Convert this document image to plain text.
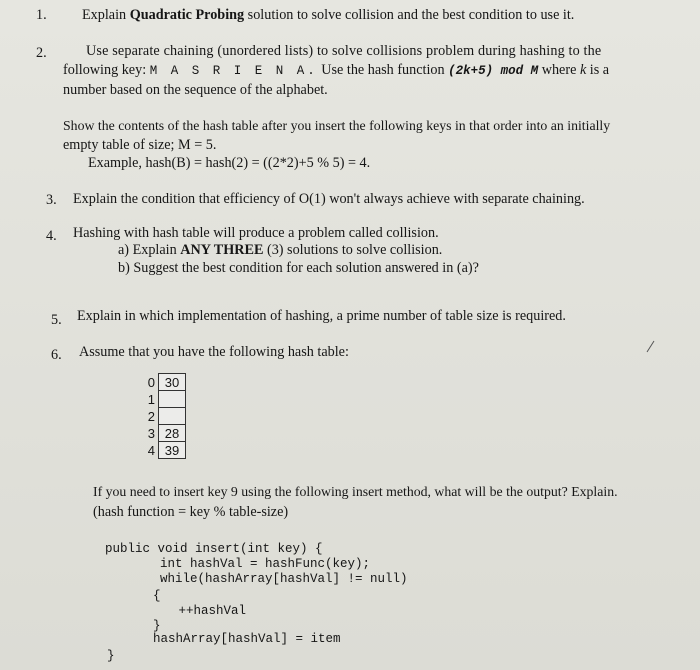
1. Explain Quadratic Probing solution to solve collision and the best condition to use it.
2.	Use separate chaining (unordered lists) to solve collisions problem during hashing to the
following key: M A S R I E N A. Use the hash function (2k+5) mod M where k is a
number based on the sequence of the alphabet.
Show the contents of the hash table after you insert the following keys in that order into an initially
empty table of size; M = 5.
Example, hash(B) = hash(2) = ((2*2)+5 % 5) = 4.
3. Explain the condition that efficiency of O(1) won't always achieve with separate chaining.
4. Hashing with hash table will produce a problem called collision.
a) Explain ANY THREE (3) solutions to solve collision.
b) Suggest the best condition for each solution answered in (a)?
5. Explain in which implementation of hashing, a prime number of table size is required.
6. Assume that you have the following hash table:
0	30
1	
2	
3	28
4	39
If you need to insert key 9 using the following insert method, what will be the output? Explain.
(hash function = key % table-size)
public void insert(int key) {
int hashVal = hashFunc(key);
while(hashArray[hashVal] != null)
{
++hashVal
}
hashArray[hashVal] = item
}
